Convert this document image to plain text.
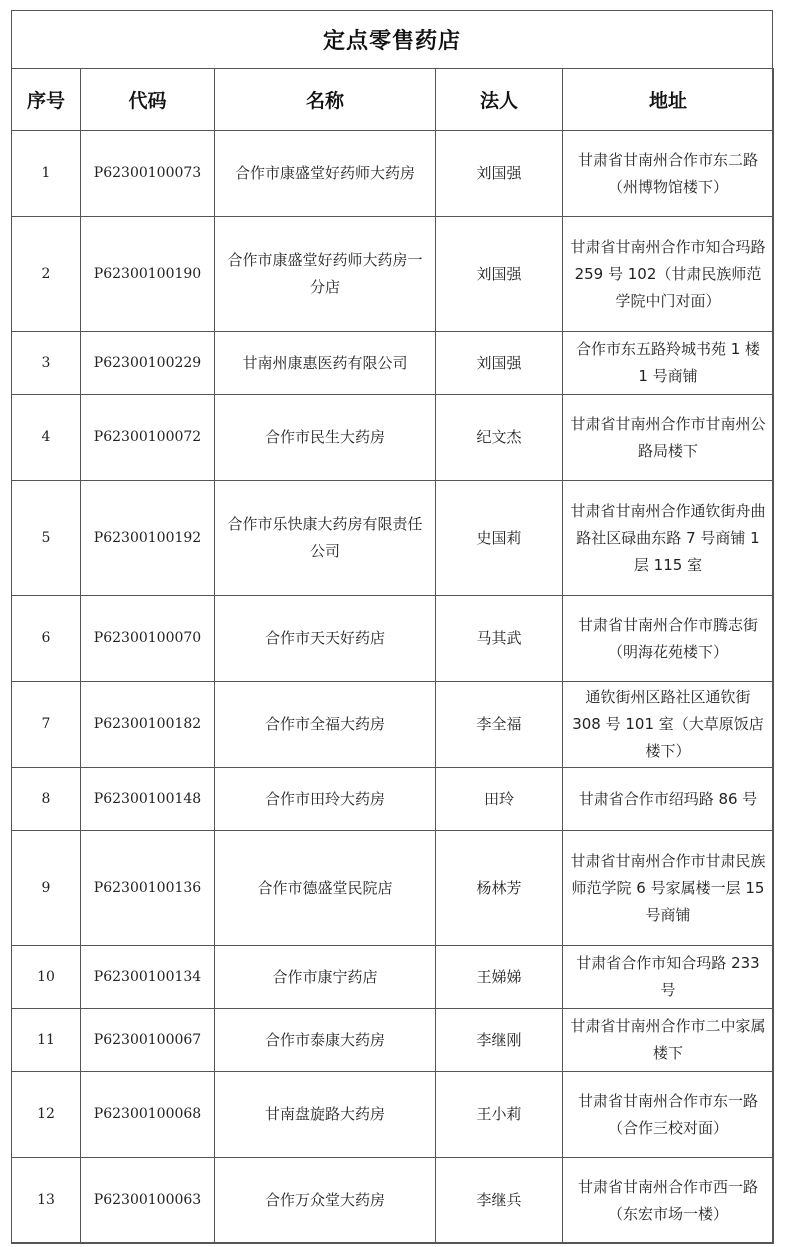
定点零售药店
序号	代码	名称	法人	地址
1	P62300100073	合作市康盛堂好药师大药房	刘国强	甘肃省甘南州合作市东二路（州博物馆楼下）
2	P62300100190	合作市康盛堂好药师大药房一分店	刘国强	甘肃省甘南州合作市知合玛路 259 号 102（甘肃民族师范学院中门对面）
3	P62300100229	甘南州康惠医药有限公司	刘国强	合作市东五路羚城书苑 1 楼 1 号商铺
4	P62300100072	合作市民生大药房	纪文杰	甘肃省甘南州合作市甘南州公路局楼下
5	P62300100192	合作市乐快康大药房有限责任公司	史国莉	甘肃省甘南州合作通钦街舟曲路社区碌曲东路 7 号商铺 1 层 115 室
6	P62300100070	合作市天天好药店	马其武	甘肃省甘南州合作市腾志街（明海花苑楼下）
7	P62300100182	合作市全福大药房	李全福	通钦街州区路社区通钦街 308 号 101 室（大草原饭店楼下）
8	P62300100148	合作市田玲大药房	田玲	甘肃省合作市绍玛路 86 号
9	P62300100136	合作市德盛堂民院店	杨林芳	甘肃省甘南州合作市甘肃民族师范学院 6 号家属楼一层 15 号商铺
10	P62300100134	合作市康宁药店	王娣娣	甘肃省合作市知合玛路 233 号
11	P62300100067	合作市泰康大药房	李继刚	甘肃省甘南州合作市二中家属楼下
12	P62300100068	甘南盘旋路大药房	王小莉	甘肃省甘南州合作市东一路（合作三校对面）
13	P62300100063	合作万众堂大药房	李继兵	甘肃省甘南州合作市西一路（东宏市场一楼）
